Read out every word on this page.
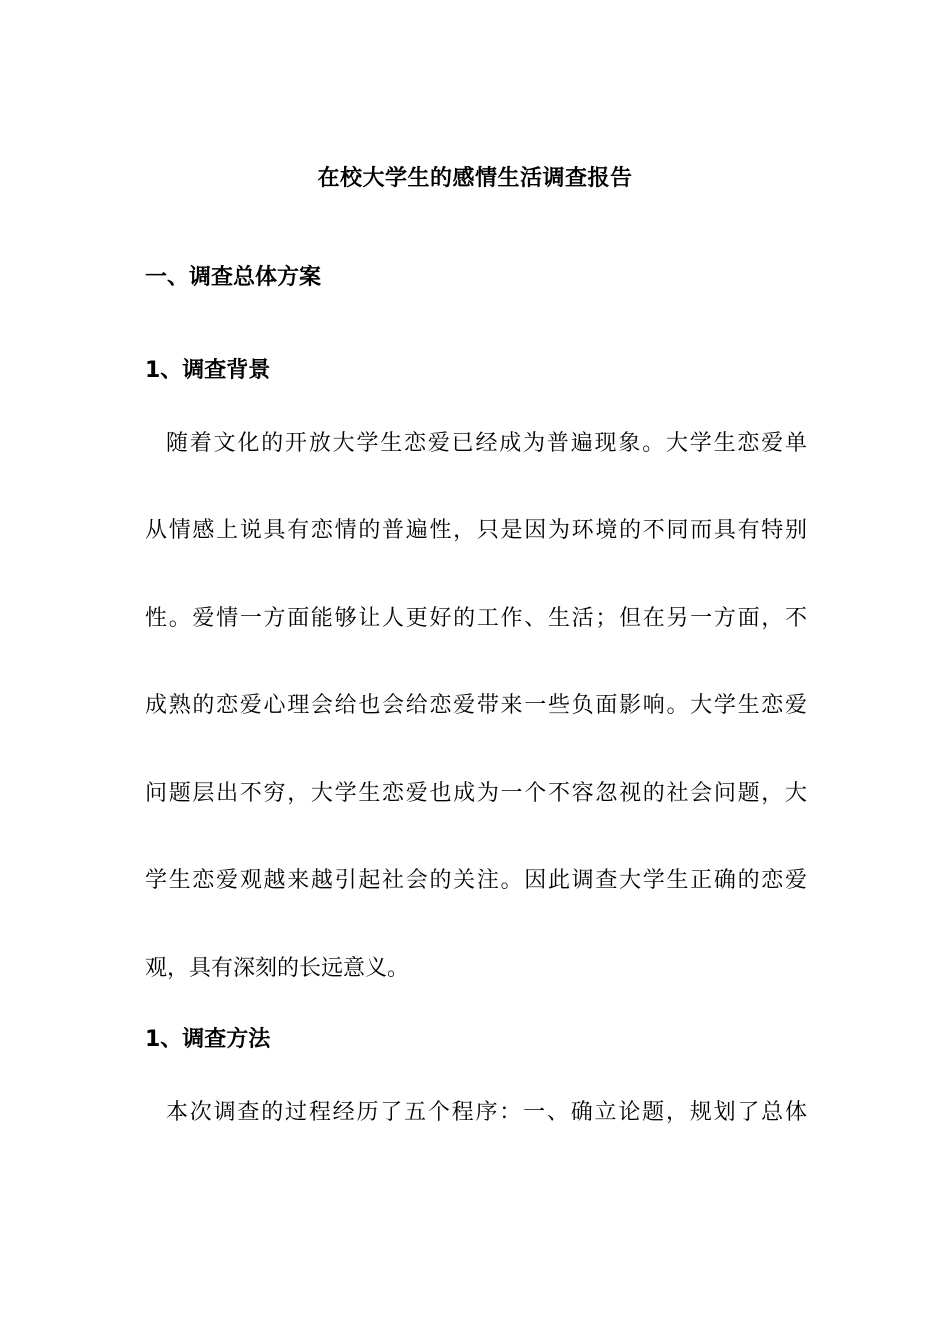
在校大学生的感情生活调查报告
一、调查总体方案
1、调查背景
随着文化的开放大学生恋爱已经成为普遍现象。大学生恋爱单
从情感上说具有恋情的普遍性，只是因为环境的不同而具有特别
性。爱情一方面能够让人更好的工作、生活；但在另一方面，不
成熟的恋爱心理会给也会给恋爱带来一些负面影响。大学生恋爱
问题层出不穷，大学生恋爱也成为一个不容忽视的社会问题，大
学生恋爱观越来越引起社会的关注。因此调查大学生正确的恋爱
观，具有深刻的长远意义。
1、调查方法
本次调查的过程经历了五个程序：一、确立论题，规划了总体
